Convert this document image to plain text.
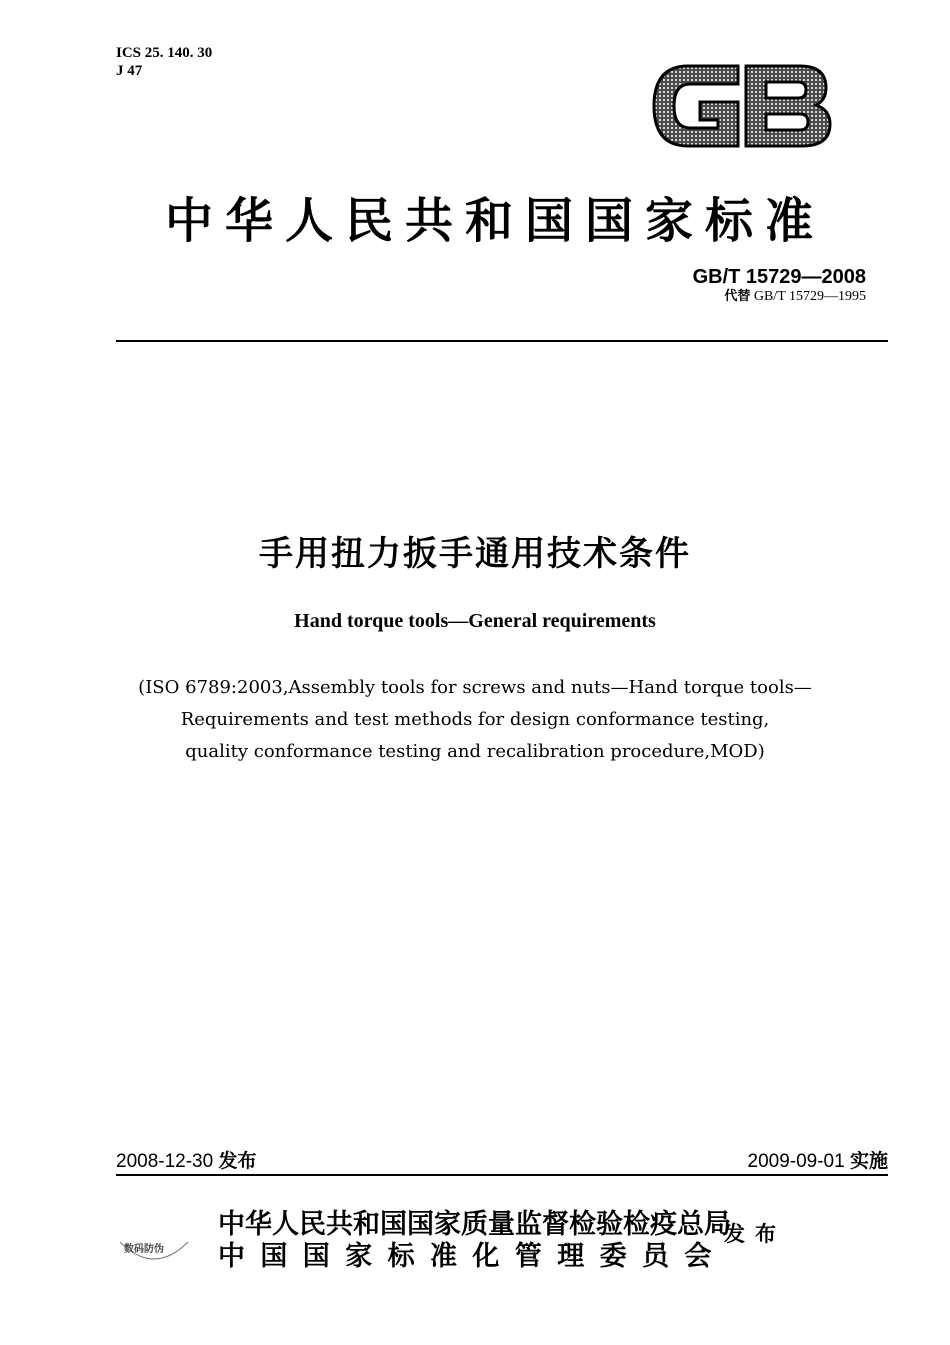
ICS 25. 140. 30
J 47
中华人民共和国国家标准
GB/T 15729—2008
代替 GB/T 15729—1995
手用扭力扳手通用技术条件
Hand torque tools—General requirements
(ISO 6789:2003,Assembly tools for screws and nuts—Hand torque tools—
Requirements and test methods for design conformance testing,
quality conformance testing and recalibration procedure,MOD)
2008-12-30 发布	2009-09-01 实施
中华人民共和国国家质量监督检验检疫总局
中 国 国 家 标 准 化 管 理 委 员 会
发布
数码防伪
